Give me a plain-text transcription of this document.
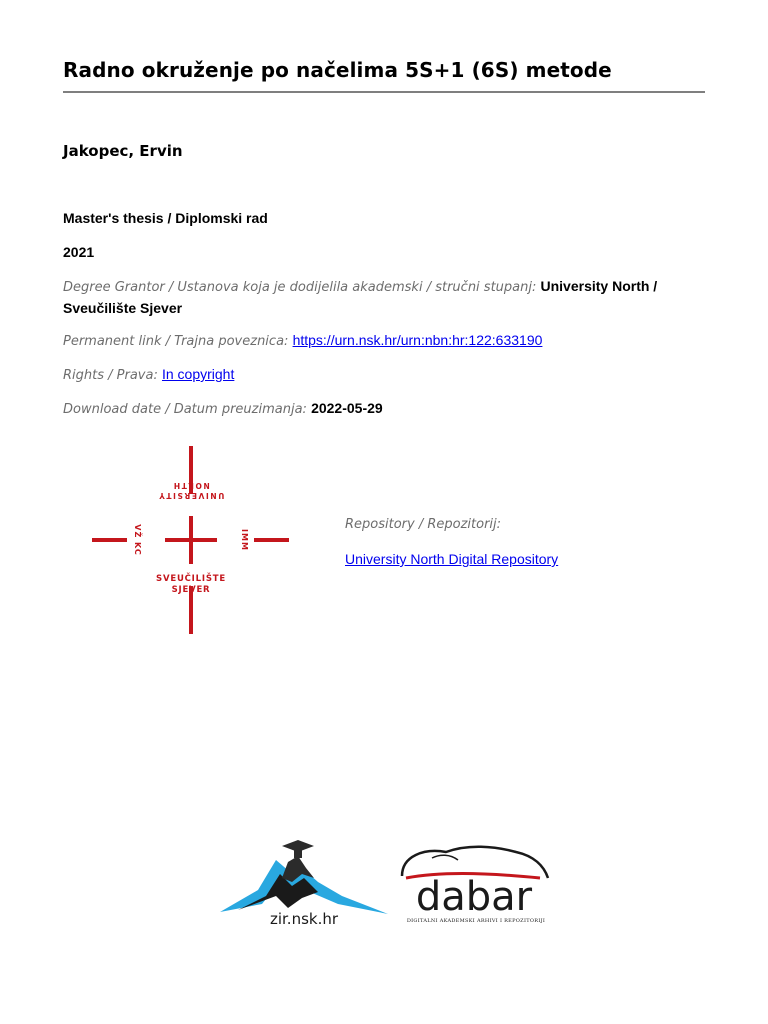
Radno okruženje po načelima 5S+1 (6S) metode
Jakopec, Ervin
Master's thesis / Diplomski rad
2021
Degree Grantor / Ustanova koja je dodijelila akademski / stručni stupanj: University North / Sveučilište Sjever
Permanent link / Trajna poveznica: https://urn.nsk.hr/urn:nbn:hr:122:633190
Rights / Prava: In copyright
Download date / Datum preuzimanja: 2022-05-29
UNIVERSITY
NORTH
VŽ KC	IMM
SVEUČILIŠTE
SJEVER
Repository / Repozitorij:
University North Digital Repository
zir.nsk.hr dabar
DIGITALNI AKADEMSKI ARHIVI I REPOZITORIJI
